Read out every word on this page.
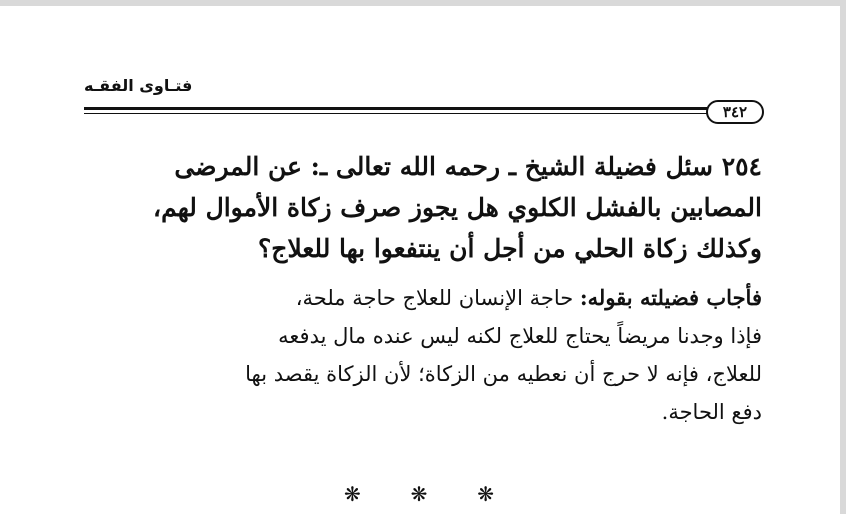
فتـاوى الفقـه
٣٤٢
٢٥٤ سئل فضيلة الشيخ ـ رحمه الله تعالى ـ: عن المرضى
المصابين بالفشل الكلوي هل يجوز صرف زكاة الأموال لهم،
وكذلك زكاة الحلي من أجل أن ينتفعوا بها للعلاج؟
فأجاب فضيلته بقوله: حاجة الإنسان للعلاج حاجة ملحة،
فإذا وجدنا مريضاً يحتاج للعلاج لكنه ليس عنده مال يدفعه
للعلاج، فإنه لا حرج أن نعطيه من الزكاة؛ لأن الزكاة يقصد بها
دفع الحاجة.
❋ ❋ ❋
